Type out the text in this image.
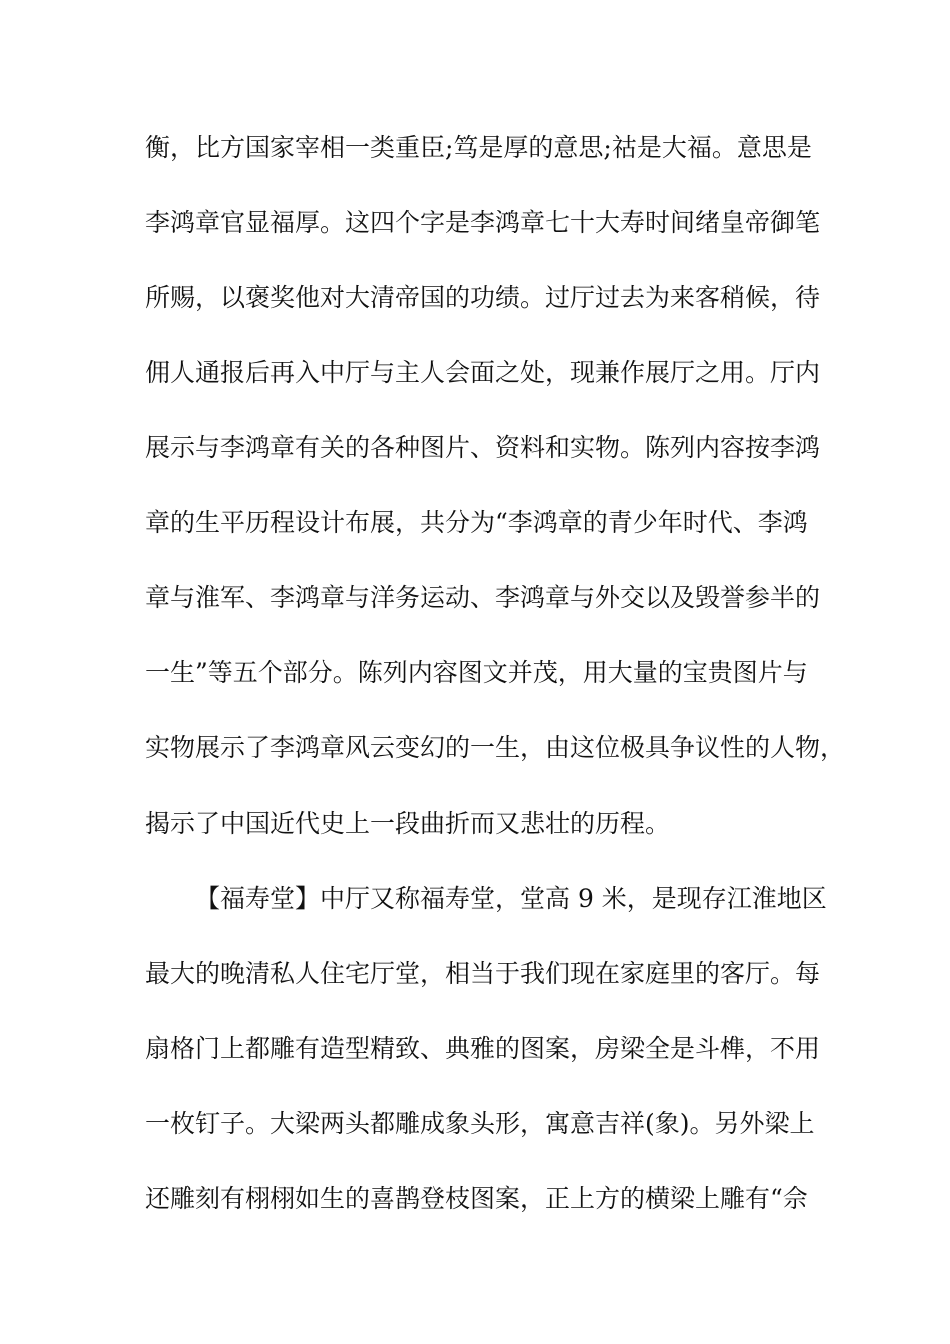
衡，比方国家宰相一类重臣;笃是厚的意思;祜是大福。意思是
李鸿章官显福厚。这四个字是李鸿章七十大寿时间绪皇帝御笔
所赐，以褒奖他对大清帝国的功绩。过厅过去为来客稍候，待
佣人通报后再入中厅与主人会面之处，现兼作展厅之用。厅内
展示与李鸿章有关的各种图片、资料和实物。陈列内容按李鸿
章的生平历程设计布展，共分为“李鸿章的青少年时代、李鸿
章与淮军、李鸿章与洋务运动、李鸿章与外交以及毁誉参半的
一生”等五个部分。陈列内容图文并茂，用大量的宝贵图片与
实物展示了李鸿章风云变幻的一生，由这位极具争议性的人物，
揭示了中国近代史上一段曲折而又悲壮的历程。
【福寿堂】中厅又称福寿堂，堂高 9 米，是现存江淮地区
最大的晚清私人住宅厅堂，相当于我们现在家庭里的客厅。每
扇格门上都雕有造型精致、典雅的图案，房梁全是斗榫，不用
一枚钉子。大梁两头都雕成象头形，寓意吉祥(象)。另外梁上
还雕刻有栩栩如生的喜鹊登枝图案，正上方的横梁上雕有“佘
